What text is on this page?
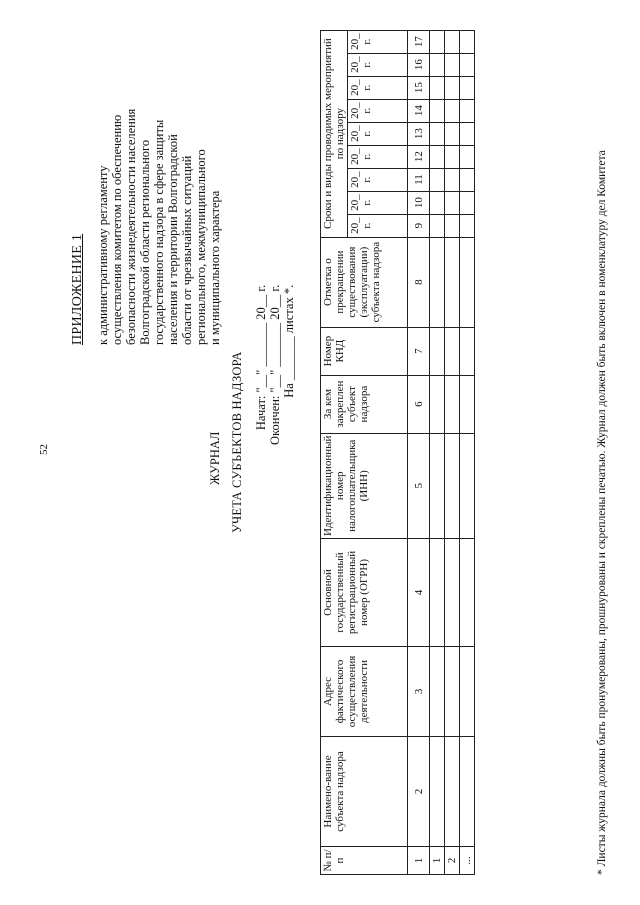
52
ПРИЛОЖЕНИЕ 1 к административному регламенту осуществления комитетом по обеспечению безопасности жизнедеятельности населения Волгоградской области регионального государственного надзора в сфере защиты населения и территории Волгоградской области от чрезвычайных ситуаций регионального, межмуниципального и муниципального характера
ЖУРНАЛ УЧЕТА СУБЪЕКТОВ НАДЗОРА Начат: "__" _______ 20__ г. Окончен: "__" _______ 20__ г. На _______ листах *.
№ п/п	Наимено-вание субъекта надзора	Адрес фактического осуществления деятельности	Основной государственный регистрационный номер (ОГРН)	Идентификационный номер налогоплательщика (ИНН)	За кем закреплен субъект надзора	Номер КНД	Отметка о прекращении существования (эксплуатации) субъекта надзора	Сроки и виды проводимых мероприятий по надзору								
								20_ г.	20_ г.	20_ г.	20_ г.	20_ г.	20_ г.	20_ г.	20_ г.	20_ г.
1	2	3	4	5	6	7	8	9	10	11	12	13	14	15	16	17
1																
2																
...																	* Листы журнала должны быть пронумерованы, прошнурованы и скреплены печатью. Журнал должен быть включен в номенклатуру дел Комитета
